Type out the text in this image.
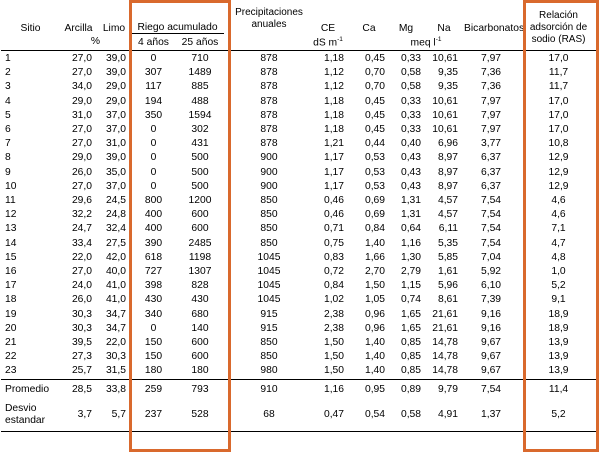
Sitio	Arcilla	Limo	Riego acumulado			Precipitaciones anuales	CE	Ca	Mg	Na	Bicarbonatos	Relación adsorción de sodio (RAS)
	%		4 años	25 años			dS $m^{-1}$		meq $l^{-1}$	
1	27,0	39,0	0	710		878	1,18	0,45	0,33	10,61	7,97	17,0
2	27,0	39,0	307	1489		878	1,12	0,70	0,58	9,35	7,36	11,7
3	34,0	29,0	117	885		878	1,12	0,70	0,58	9,35	7,36	11,7
4	29,0	29,0	194	488		878	1,18	0,45	0,33	10,61	7,97	17,0
5	31,0	37,0	350	1594		878	1,18	0,45	0,33	10,61	7,97	17,0
6	27,0	37,0	0	302		878	1,18	0,45	0,33	10,61	7,97	17,0
7	27,0	31,0	0	431		878	1,21	0,44	0,40	6,96	3,77	10,8
8	29,0	39,0	0	500		900	1,17	0,53	0,43	8,97	6,37	12,9
9	26,0	35,0	0	500		900	1,17	0,53	0,43	8,97	6,37	12,9
10	27,0	37,0	0	500		900	1,17	0,53	0,43	8,97	6,37	12,9
11	29,6	24,5	800	1200		850	0,46	0,69	1,31	4,57	7,54	4,6
12	32,2	24,8	400	600		850	0,46	0,69	1,31	4,57	7,54	4,6
13	24,7	32,4	400	600		850	0,71	0,84	0,64	6,11	7,54	7,1
14	33,4	27,5	390	2485		850	0,75	1,40	1,16	5,35	7,54	4,7
15	22,0	42,0	618	1198		1045	0,83	1,66	1,30	5,85	7,04	4,8
16	27,0	40,0	727	1307		1045	0,72	2,70	2,79	1,61	5,92	1,0
17	24,0	41,0	398	828		1045	0,84	1,50	1,15	5,96	6,10	5,2
18	26,0	41,0	430	430		1045	1,02	1,05	0,74	8,61	7,39	9,1
19	30,3	34,7	340	680		915	2,38	0,96	1,65	21,61	9,16	18,9
20	30,3	34,7	0	140		915	2,38	0,96	1,65	21,61	9,16	18,9
21	39,5	22,0	150	600		850	1,50	1,40	0,85	14,78	9,67	13,9
22	27,3	30,3	150	600		850	1,50	1,40	0,85	14,78	9,67	13,9
23	25,7	31,5	180	180		980	1,50	1,40	0,85	14,78	9,67	13,9
Promedio	28,5	33,8	259	793		910	1,16	0,95	0,89	9,79	7,54	11,4
Desvio estandar	3,7	5,7	237	528		68	0,47	0,54	0,58	4,91	1,37	5,2
